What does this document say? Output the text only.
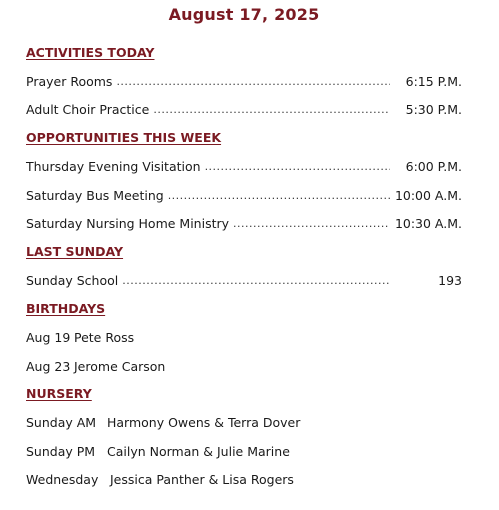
August 17, 2025
ACTIVITIES TODAY
Prayer Rooms .....	6:15 P.M.
Adult Choir Practice .....	5:30 P.M.
OPPORTUNITIES THIS WEEK
Thursday Evening Visitation .....	6:00 P.M.
Saturday Bus Meeting .....	10:00 A.M.
Saturday Nursing Home Ministry .....	10:30 A.M.
LAST SUNDAY
Sunday School .....	193
BIRTHDAYS
Aug 19 Pete Ross
Aug 23 Jerome Carson
NURSERY
Sunday AM Harmony Owens & Terra Dover
Sunday PM Cailyn Norman & Julie Marine
Wednesday Jessica Panther & Lisa Rogers
